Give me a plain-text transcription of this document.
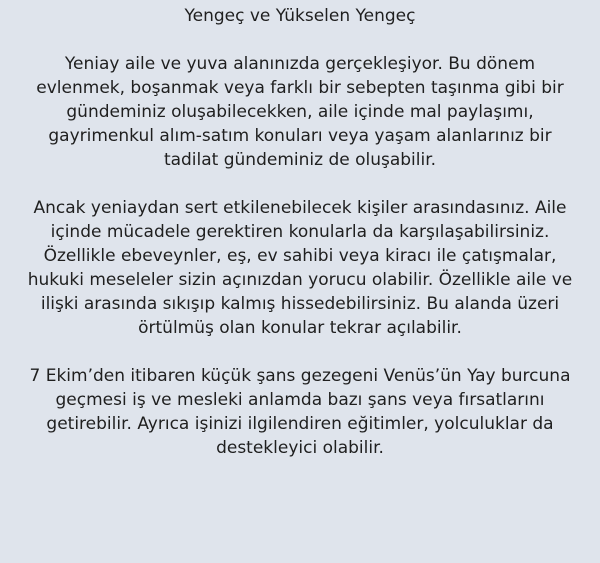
Yengeç ve Yükselen Yengeç

Yeniay aile ve yuva alanınızda gerçekleşiyor. Bu dönem evlenmek, boşanmak veya farklı bir sebepten taşınma gibi bir gündeminiz oluşabilecekken, aile içinde mal paylaşımı, gayrimenkul alım-satım konuları veya yaşam alanlarınız bir tadilat gündeminiz de oluşabilir.

Ancak yeniaydan sert etkilenebilecek kişiler arasındasınız. Aile içinde mücadele gerektiren konularla da karşılaşabilirsiniz. Özellikle ebeveynler, eş, ev sahibi veya kiracı ile çatışmalar, hukuki meseleler sizin açınızdan yorucu olabilir. Özellikle aile ve ilişki arasında sıkışıp kalmış hissedebilirsiniz. Bu alanda üzeri örtülmüş olan konular tekrar açılabilir.

7 Ekim’den itibaren küçük şans gezegeni Venüs’ün Yay burcuna geçmesi iş ve mesleki anlamda bazı şans veya fırsatlarını getirebilir. Ayrıca işinizi ilgilendiren eğitimler, yolculuklar da destekleyici olabilir.
